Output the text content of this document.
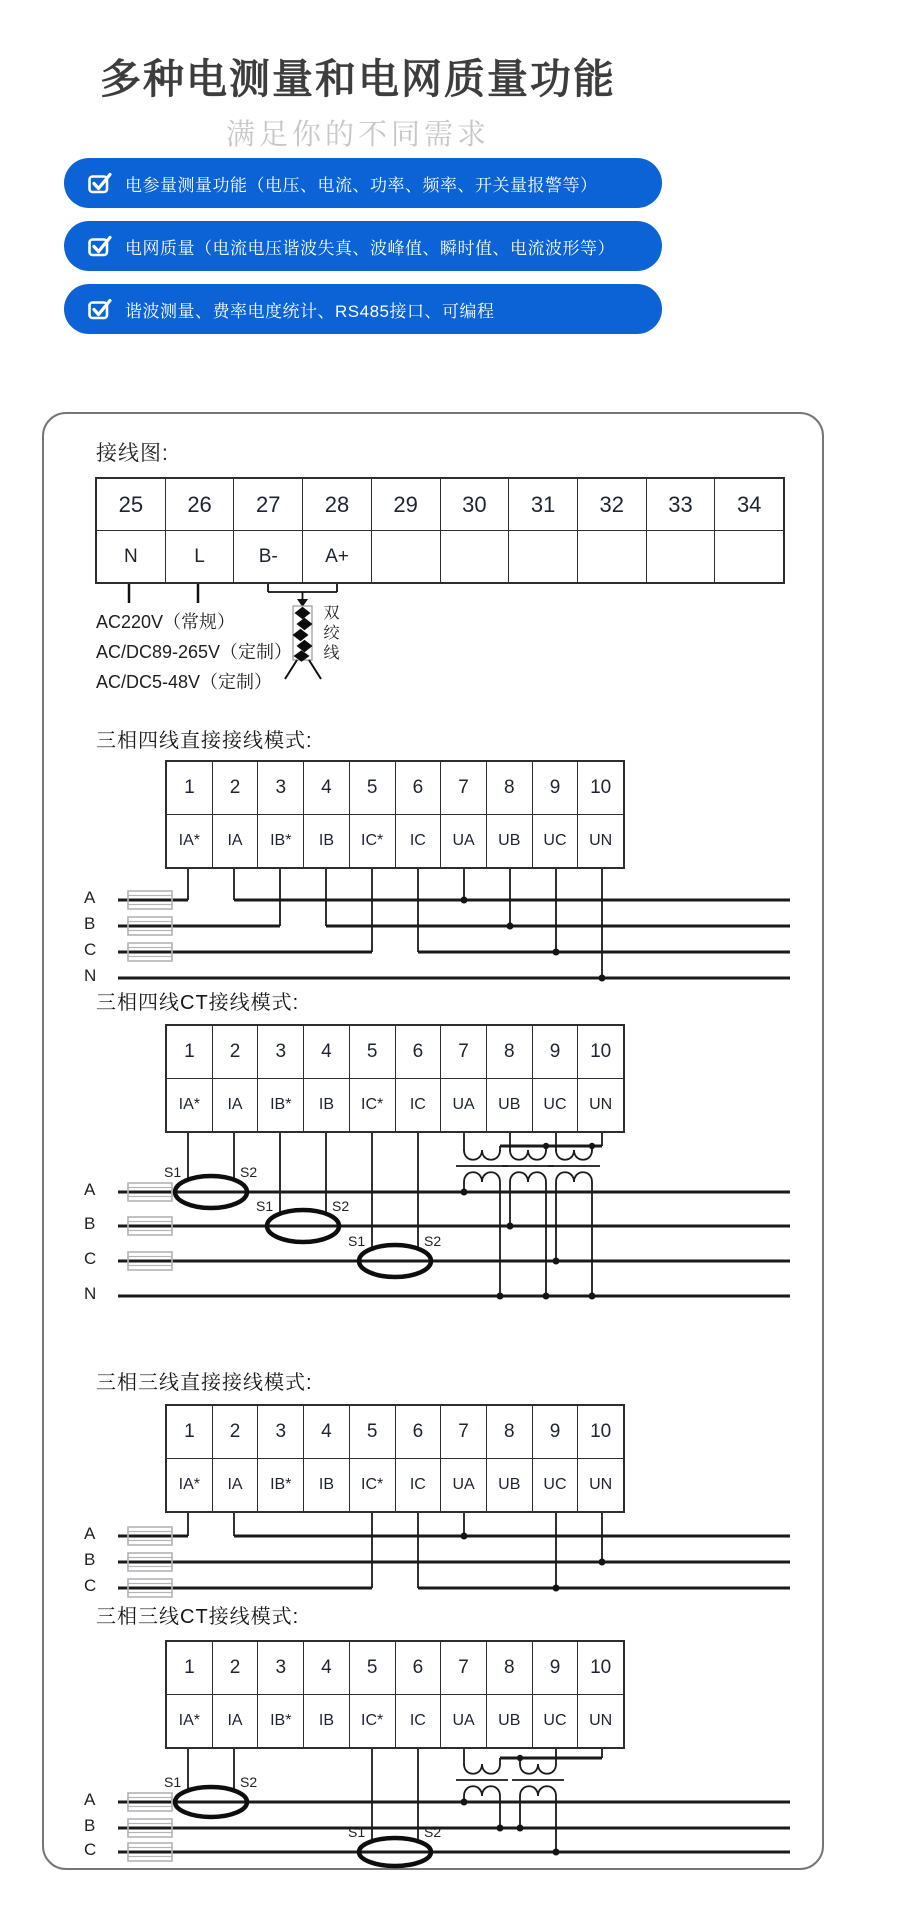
多种电测量和电网质量功能
满足你的不同需求
电参量测量功能（电压、电流、功率、频率、开关量报警等）
电网质量（电流电压谐波失真、波峰值、瞬时值、电流波形等）
谐波测量、费率电度统计、RS485接口、可编程
接线图:
25	26	27	28	29	30	31	32	33	34
N	L	B-	A+
双绞线
AC220V（常规）
AC/DC89-265V（定制）
AC/DC5-48V（定制）
三相四线直接接线模式:
1	2	3	4	5	6	7	8	9	10
IA*	IA	IB*	IB	IC*	IC	UA	UB	UC	UN
A
B
C
N
三相四线CT接线模式:
1	2	3	4	5	6	7	8	9	10
IA*	IA	IB*	IB	IC*	IC	UA	UB	UC	UN
A
B
C
N
S1	S2
S1	S2
S1	S2
三相三线直接接线模式:
1	2	3	4	5	6	7	8	9	10
IA*	IA	IB*	IB	IC*	IC	UA	UB	UC	UN
A
B
C
三相三线CT接线模式:
1	2	3	4	5	6	7	8	9	10
IA*	IA	IB*	IB	IC*	IC	UA	UB	UC	UN
A
B
C
S1	S2
S1	S2
